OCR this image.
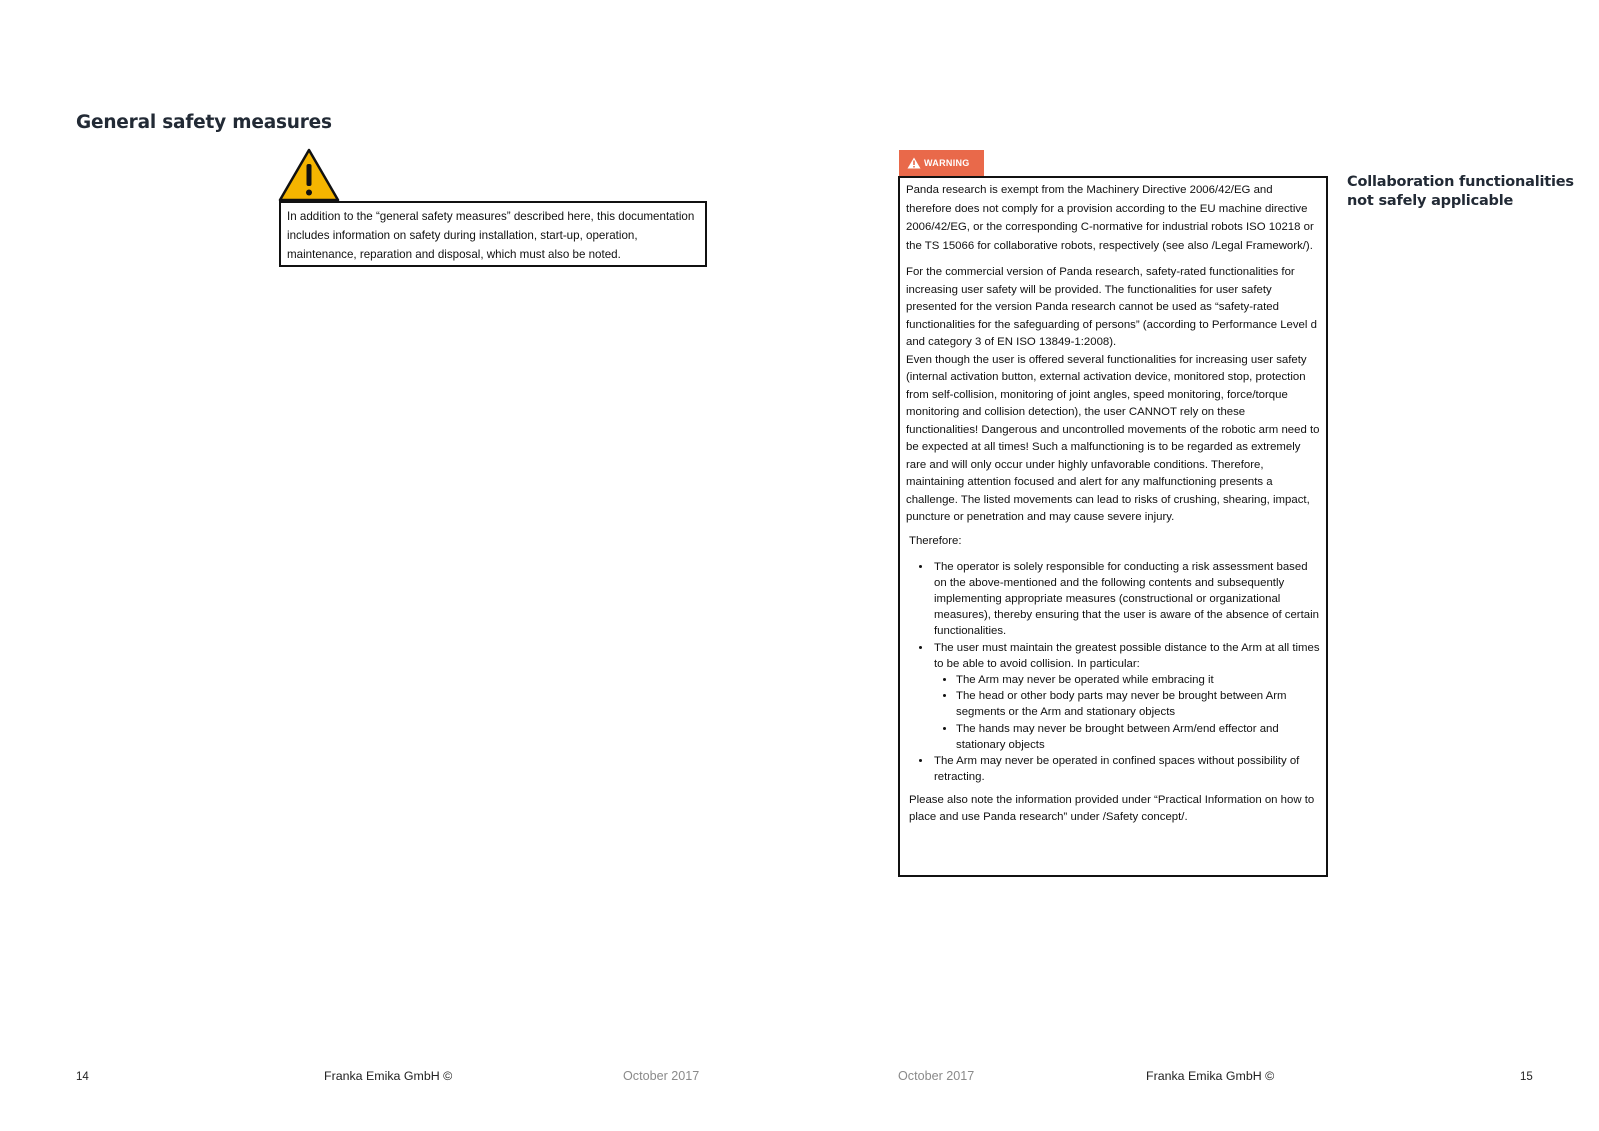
General safety measures
In addition to the “general safety measures” described here, this documentation includes information on safety during installation, start-up, operation, maintenance, reparation and disposal, which must also be noted.
14	Franka Emika GmbH ©	October 2017
WARNING

Panda research is exempt from the Machinery Directive 2006/42/EG and therefore does not comply for a provision according to the EU machine directive 2006/42/EG, or the corresponding C-normative for industrial robots ISO 10218 or the TS 15066 for collaborative robots, respectively (see also /Legal Framework/).

For the commercial version of Panda research, safety-rated functionalities for increasing user safety will be provided. The functionalities for user safety presented for the version Panda research cannot be used as “safety-rated functionalities for the safeguarding of persons” (according to Performance Level d and category 3 of EN ISO 13849-1:2008).

Even though the user is offered several functionalities for increasing user safety (internal activation button, external activation device, monitored stop, protection from self-collision, monitoring of joint angles, speed monitoring, force/torque monitoring and collision detection), the user CANNOT rely on these functionalities! Dangerous and uncontrolled movements of the robotic arm need to be expected at all times! Such a malfunctioning is to be regarded as extremely rare and will only occur under highly unfavorable conditions. Therefore, maintaining attention focused and alert for any malfunctioning presents a challenge. The listed movements can lead to risks of crushing, shearing, impact, puncture or penetration and may cause severe injury.

Therefore:

• The operator is solely responsible for conducting a risk assessment based on the above-mentioned and the following contents and subsequently implementing appropriate measures (constructional or organizational measures), thereby ensuring that the user is aware of the absence of certain functionalities.
• The user must maintain the greatest possible distance to the Arm at all times to be able to avoid collision. In particular:
• The Arm may never be operated while embracing it
• The head or other body parts may never be brought between Arm segments or the Arm and stationary objects
• The hands may never be brought between Arm/end effector and stationary objects
• The Arm may never be operated in confined spaces without possibility of retracting.

Please also note the information provided under “Practical Information on how to place and use Panda research” under /Safety concept/.

Collaboration functionalities not safely applicable
October 2017	Franka Emika GmbH ©	15
